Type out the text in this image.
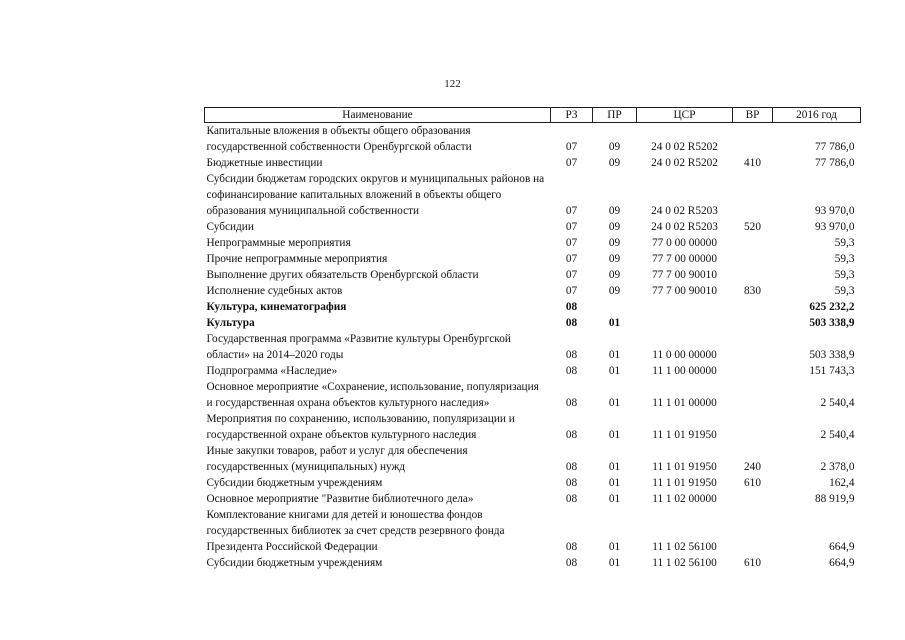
122
Наименование	РЗ	ПР	ЦСР	ВР	2016 год
Капитальные вложения в объекты общего образования государственной собственности Оренбургской области	07	09	24 0 02 R5202		77 786,0
Бюджетные инвестиции	07	09	24 0 02 R5202	410	77 786,0
Субсидии бюджетам городских округов и муниципальных районов на софинансирование капитальных вложений в объекты общего образования муниципальной собственности	07	09	24 0 02 R5203		93 970,0
Субсидии	07	09	24 0 02 R5203	520	93 970,0
Непрограммные мероприятия	07	09	77 0 00 00000		59,3
Прочие непрограммные мероприятия	07	09	77 7 00 00000		59,3
Выполнение других обязательств Оренбургской области	07	09	77 7 00 90010		59,3
Исполнение судебных актов	07	09	77 7 00 90010	830	59,3
Культура, кинематография	08				625 232,2
Культура	08	01			503 338,9
Государственная программа «Развитие культуры Оренбургской области» на 2014–2020 годы	08	01	11 0 00 00000		503 338,9
Подпрограмма «Наследие»	08	01	11 1 00 00000		151 743,3
Основное мероприятие «Сохранение, использование, популяризация и государственная охрана объектов культурного наследия»	08	01	11 1 01 00000		2 540,4
Мероприятия по сохранению, использованию, популяризации и государственной охране объектов культурного наследия	08	01	11 1 01 91950		2 540,4
Иные закупки товаров, работ и услуг для обеспечения государственных (муниципальных) нужд	08	01	11 1 01 91950	240	2 378,0
Субсидии бюджетным учреждениям	08	01	11 1 01 91950	610	162,4
Основное мероприятие "Развитие библиотечного дела»	08	01	11 1 02 00000		88 919,9
Комплектование книгами для детей и юношества фондов государственных библиотек за счет средств резервного фонда Президента Российской Федерации	08	01	11 1 02 56100		664,9
Субсидии бюджетным учреждениям	08	01	11 1 02 56100	610	664,9
